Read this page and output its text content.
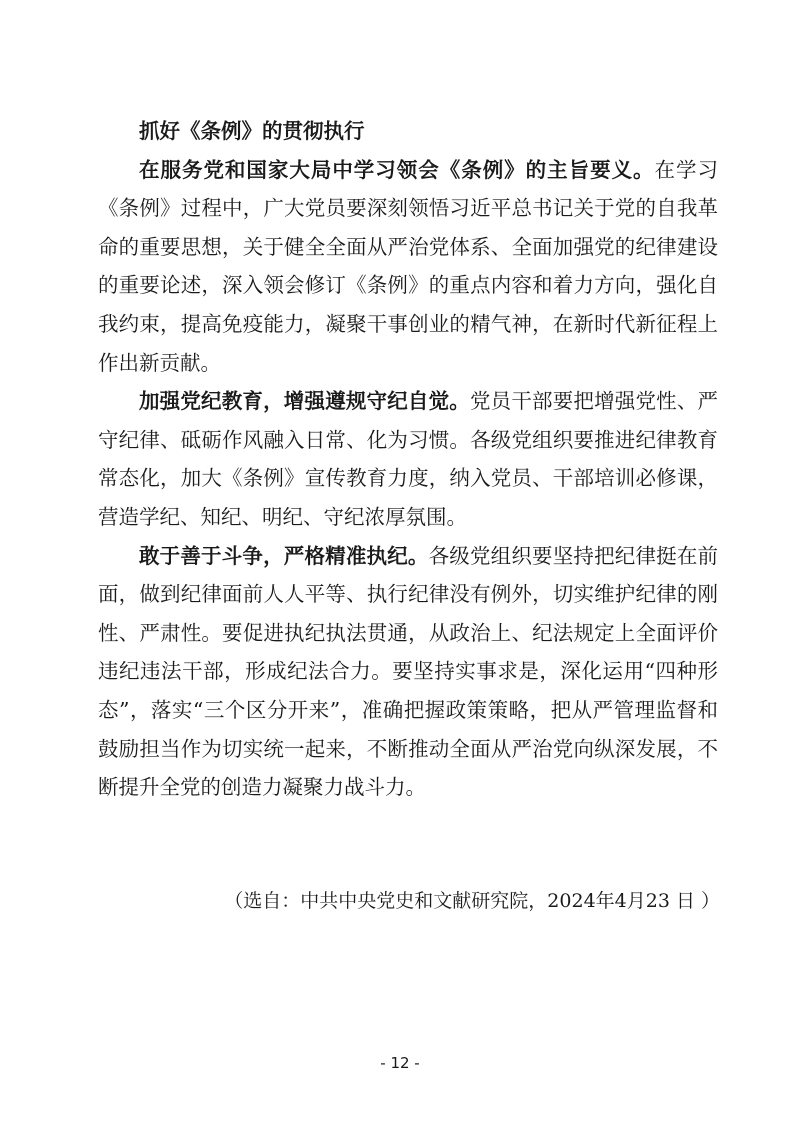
抓好《条例》的贯彻执行

在服务党和国家大局中学习领会《条例》的主旨要义。在学习《条例》过程中，广大党员要深刻领悟习近平总书记关于党的自我革命的重要思想，关于健全全面从严治党体系、全面加强党的纪律建设的重要论述，深入领会修订《条例》的重点内容和着力方向，强化自我约束，提高免疫能力，凝聚干事创业的精气神，在新时代新征程上作出新贡献。

加强党纪教育，增强遵规守纪自觉。党员干部要把增强党性、严守纪律、砥砺作风融入日常、化为习惯。各级党组织要推进纪律教育常态化，加大《条例》宣传教育力度，纳入党员、干部培训必修课，营造学纪、知纪、明纪、守纪浓厚氛围。

敢于善于斗争，严格精准执纪。各级党组织要坚持把纪律挺在前面，做到纪律面前人人平等、执行纪律没有例外，切实维护纪律的刚性、严肃性。要促进执纪执法贯通，从政治上、纪法规定上全面评价违纪违法干部，形成纪法合力。要坚持实事求是，深化运用“四种形态”，落实“三个区分开来”，准确把握政策策略，把从严管理监督和鼓励担当作为切实统一起来，不断推动全面从严治党向纵深发展，不断提升全党的创造力凝聚力战斗力。

（选自：中共中央党史和文献研究院，2024年4月23 日 ）
- 12 -
